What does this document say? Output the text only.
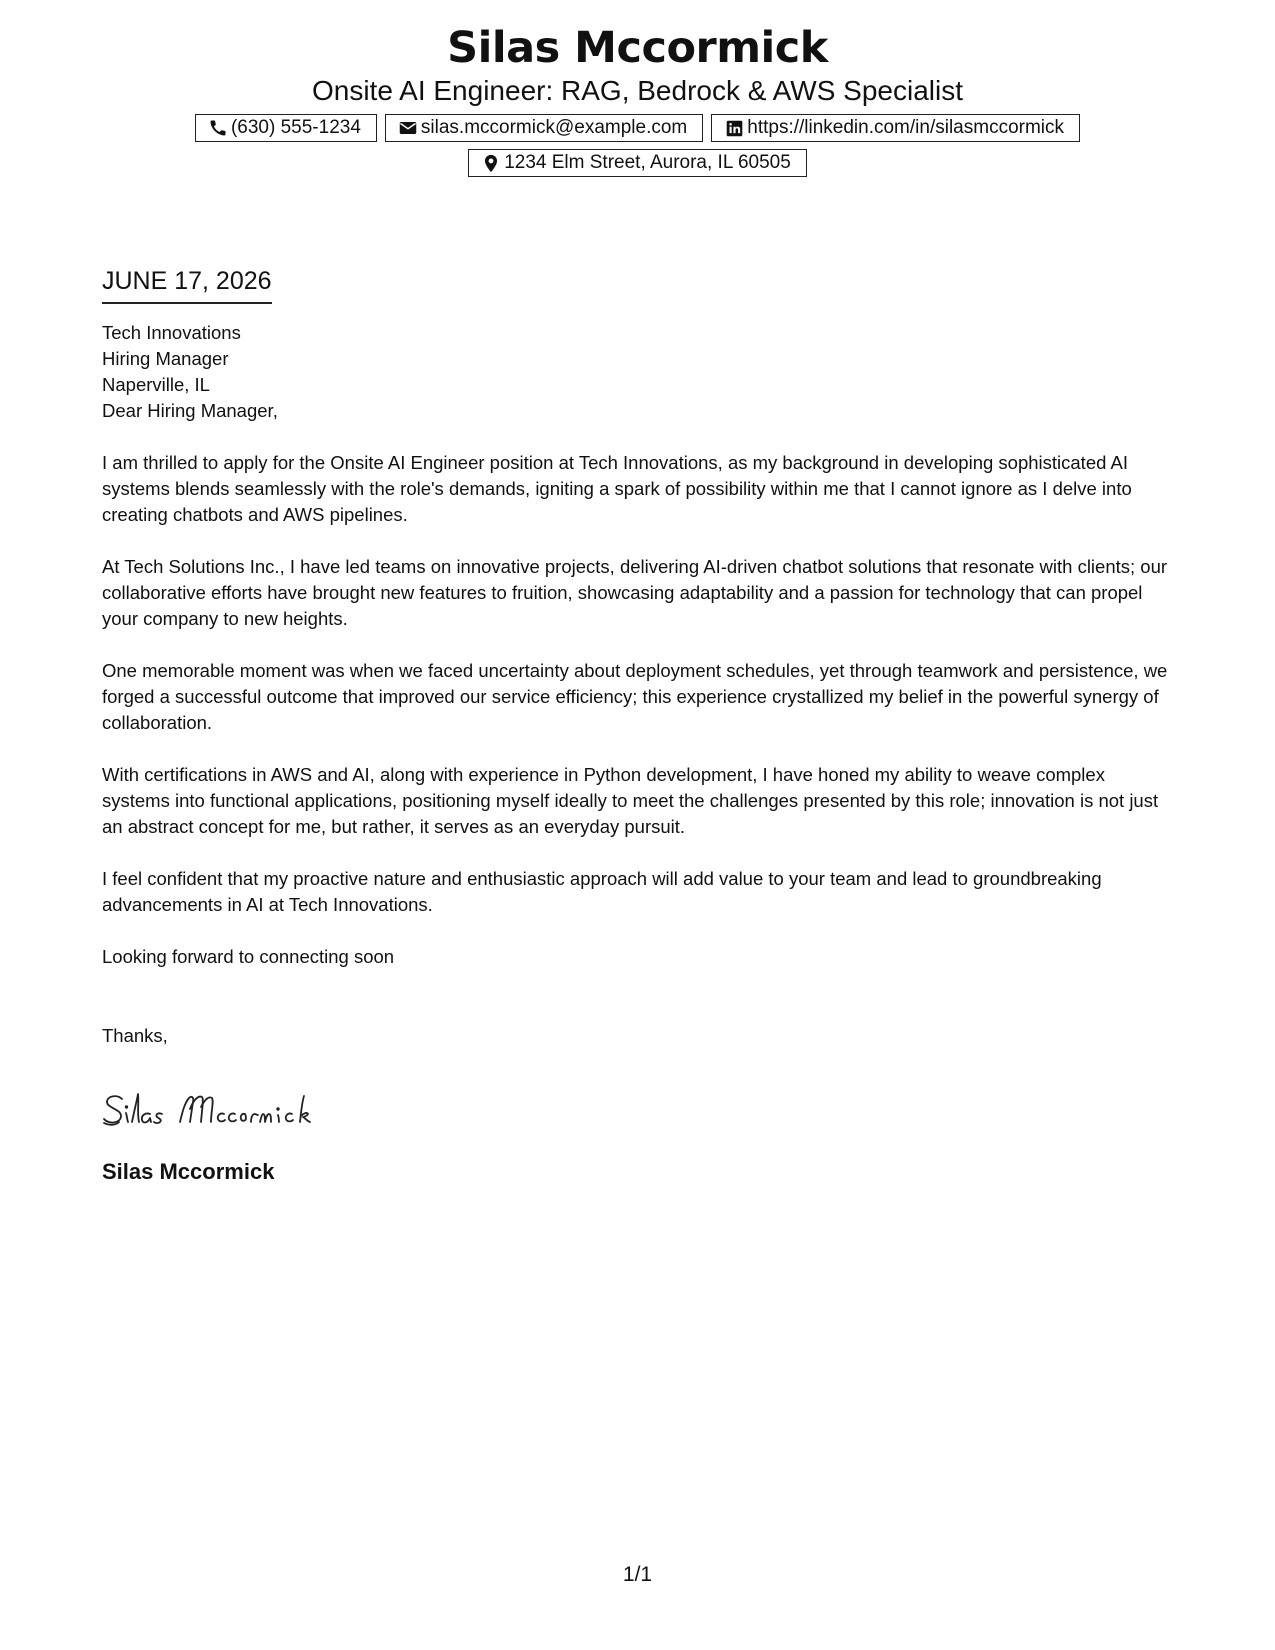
Silas Mccormick

Onsite AI Engineer: RAG, Bedrock & AWS Specialist

(630) 555-1234	silas.mccormick@example.com	https://linkedin.com/in/silasmccormick
1234 Elm Street, Aurora, IL 60505
JUNE 17, 2026
Tech Innovations
Hiring Manager
Naperville, IL

Dear Hiring Manager,

I am thrilled to apply for the Onsite AI Engineer position at Tech Innovations, as my background in developing sophisticated AI systems blends seamlessly with the role's demands, igniting a spark of possibility within me that I cannot ignore as I delve into creating chatbots and AWS pipelines.

At Tech Solutions Inc., I have led teams on innovative projects, delivering AI-driven chatbot solutions that resonate with clients; our collaborative efforts have brought new features to fruition, showcasing adaptability and a passion for technology that can propel your company to new heights.

One memorable moment was when we faced uncertainty about deployment schedules, yet through teamwork and persistence, we forged a successful outcome that improved our service efficiency; this experience crystallized my belief in the powerful synergy of collaboration.

With certifications in AWS and AI, along with experience in Python development, I have honed my ability to weave complex systems into functional applications, positioning myself ideally to meet the challenges presented by this role; innovation is not just an abstract concept for me, but rather, it serves as an everyday pursuit.

I feel confident that my proactive nature and enthusiastic approach will add value to your team and lead to groundbreaking advancements in AI at Tech Innovations.

Looking forward to connecting soon

Thanks,

Silas Mccormick
1/1
